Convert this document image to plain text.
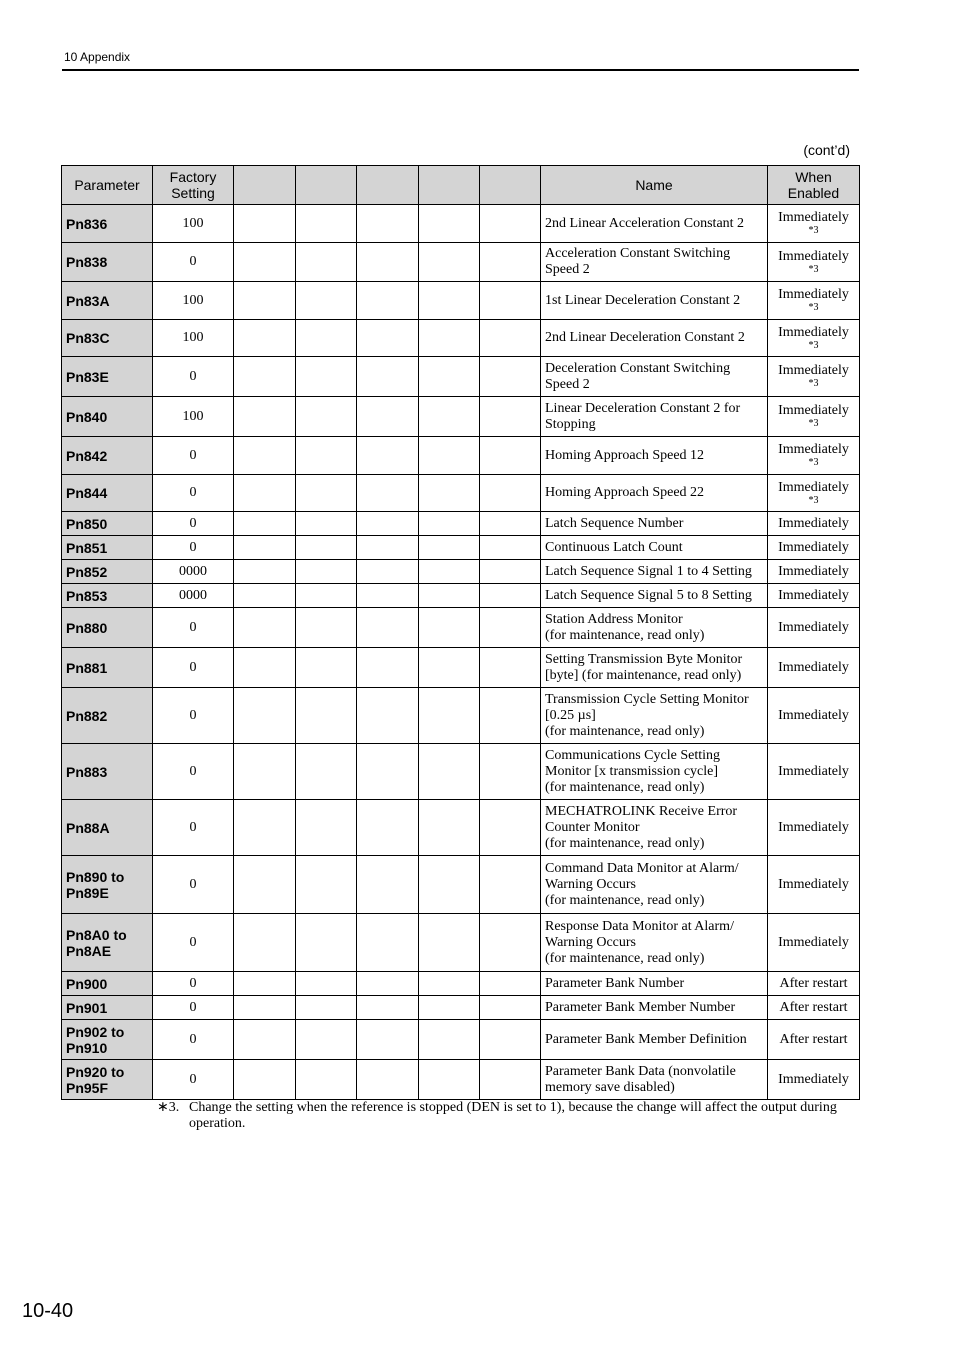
10 Appendix
(cont’d)
Parameter	Factory Setting						Name	When Enabled
Pn836	100						2nd Linear Acceleration Constant 2	Immediately
*3

Pn838	0						Acceleration Constant Switching Speed 2	Immediately
*3

Pn83A	100						1st Linear Deceleration Constant 2	Immediately
*3

Pn83C	100						2nd Linear Deceleration Constant 2	Immediately
*3

Pn83E	0						Deceleration Constant Switching Speed 2	Immediately
*3

Pn840	100						Linear Deceleration Constant 2 for Stopping	Immediately
*3

Pn842	0						Homing Approach Speed 12	Immediately
*3

Pn844	0						Homing Approach Speed 22	Immediately
*3

Pn850	0						Latch Sequence Number	Immediately
Pn851	0						Continuous Latch Count	Immediately
Pn852	0000						Latch Sequence Signal 1 to 4 Setting	Immediately
Pn853	0000						Latch Sequence Signal 5 to 8 Setting	Immediately
Pn880	0						Station Address Monitor
(for maintenance, read only)	Immediately
Pn881	0						Setting Transmission Byte Monitor [byte] (for maintenance, read only)	Immediately
Pn882	0						Transmission Cycle Setting Monitor [0.25 µs]
(for maintenance, read only)	Immediately
Pn883	0						Communications Cycle Setting Monitor [x transmission cycle]
(for maintenance, read only)	Immediately
Pn88A	0						MECHATROLINK Receive Error Counter Monitor
(for maintenance, read only)	Immediately
Pn890 to Pn89E	0						Command Data Monitor at Alarm/ Warning Occurs
(for maintenance, read only)	Immediately
Pn8A0 to Pn8AE	0						Response Data Monitor at Alarm/ Warning Occurs
(for maintenance, read only)	Immediately
Pn900	0						Parameter Bank Number	After restart
Pn901	0						Parameter Bank Member Number	After restart
Pn902 to Pn910	0						Parameter Bank Member Definition	After restart
Pn920 to Pn95F	0						Parameter Bank Data (nonvolatile memory save disabled)	Immediately
∗3. Change the setting when the reference is stopped (DEN is set to 1), because the change will affect the output during operation.
10-40
